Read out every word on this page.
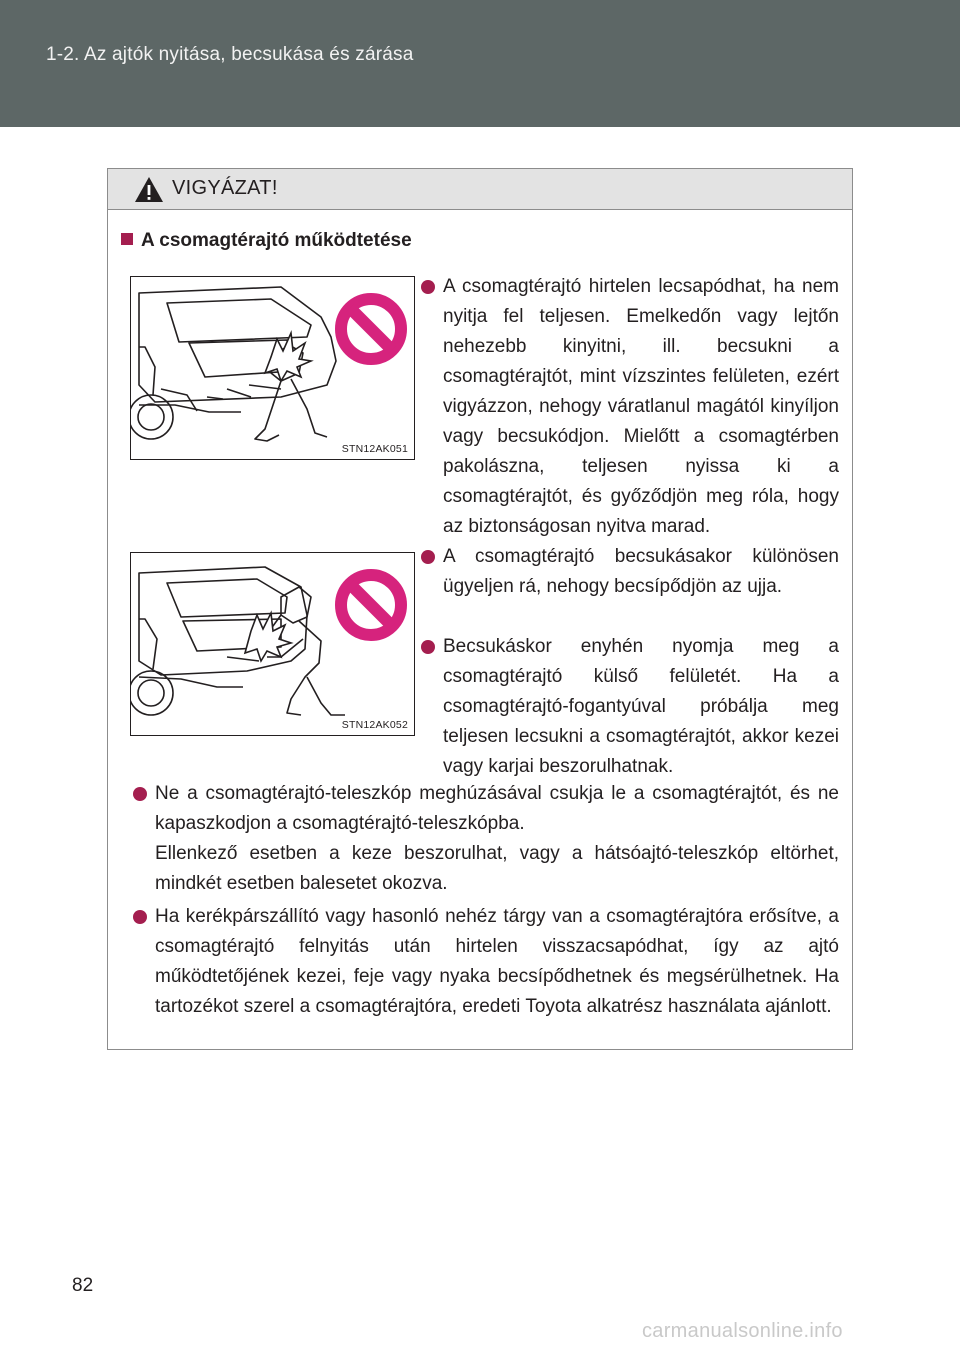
1-2. Az ajtók nyitása, becsukása és zárása
VIGYÁZAT!
A csomagtérajtó működtetése
STN12AK051
STN12AK052
A csomagtérajtó hirtelen lecsapódhat, ha nem nyitja fel teljesen. Emelkedőn vagy lejtőn nehezebb kinyitni, ill. becsukni a csomagtérajtót, mint vízszintes felületen, ezért vigyázzon, nehogy váratlanul magától kinyíljon vagy becsukódjon. Mielőtt a csomagtérben pakolászna, teljesen nyissa ki a csomagtérajtót, és győződjön meg róla, hogy az biztonságosan nyitva marad.
A csomagtérajtó becsukásakor különösen ügyeljen rá, nehogy becsípődjön az ujja.
Becsukáskor enyhén nyomja meg a csomagtérajtó külső felületét. Ha a csomagtérajtó-fogantyúval próbálja meg teljesen lecsukni a csomagtérajtót, akkor kezei vagy karjai beszorulhatnak.
Ne a csomagtérajtó-teleszkóp meghúzásával csukja le a csomagtérajtót, és ne kapaszkodjon a csomagtérajtó-teleszkópba.
Ellenkező esetben a keze beszorulhat, vagy a hátsóajtó-teleszkóp eltörhet, mindkét esetben balesetet okozva.
Ha kerékpárszállító vagy hasonló nehéz tárgy van a csomagtérajtóra erősítve, a csomagtérajtó felnyitás után hirtelen visszacsapódhat, így az ajtó működtetőjének kezei, feje vagy nyaka becsípődhetnek és megsérülhetnek. Ha tartozékot szerel a csomagtérajtóra, eredeti Toyota alkatrész használata ajánlott.
82
carmanualsonline.info
